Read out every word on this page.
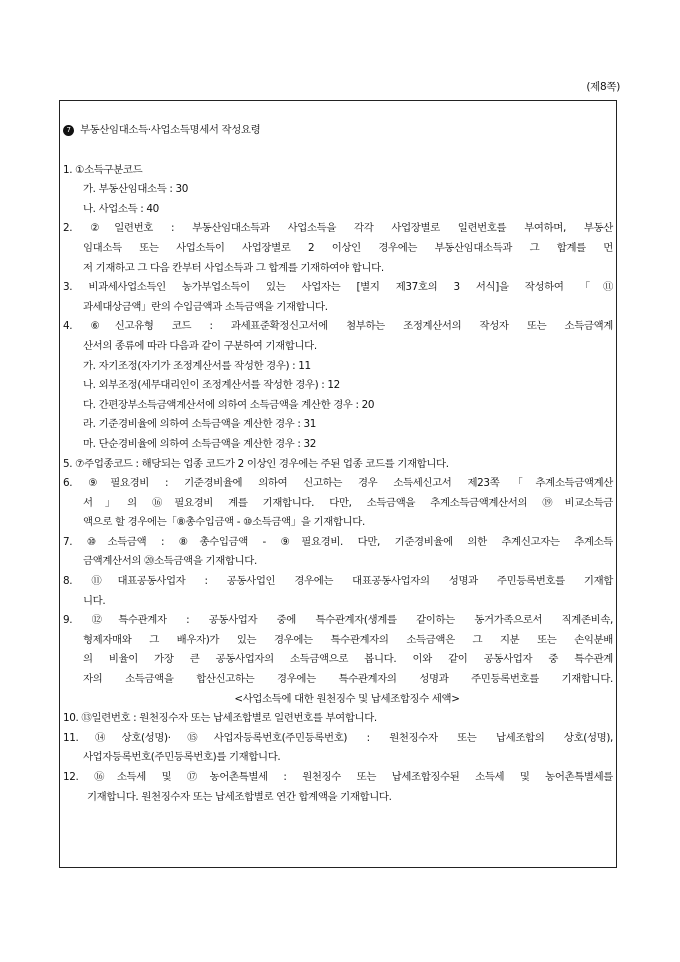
(제8쪽)
7 부동산임대소득·사업소득명세서 작성요령
1. ①소득구분코드
가. 부동산임대소득 : 30
나. 사업소득 : 40
2. ②일련번호 : 부동산임대소득과 사업소득을 각각 사업장별로 일련번호를 부여하며, 부동산
임대소득 또는 사업소득이 사업장별로 2 이상인 경우에는 부동산임대소득과 그 합계를 먼
저 기재하고 그 다음 칸부터 사업소득과 그 합계를 기재하여야 합니다.
3. 비과세사업소득인 농가부업소득이 있는 사업자는 [별지 제37호의 3 서식]을 작성하여 「⑪
과세대상금액」란의 수입금액과 소득금액을 기재합니다.
4. ⑥신고유형 코드 : 과세표준확정신고서에 첨부하는 조정계산서의 작성자 또는 소득금액계
산서의 종류에 따라 다음과 같이 구분하여 기재합니다.
가. 자기조정(자기가 조정계산서를 작성한 경우) : 11
나. 외부조정(세무대리인이 조정계산서를 작성한 경우) : 12
다. 간편장부소득금액계산서에 의하여 소득금액을 계산한 경우 : 20
라. 기준경비율에 의하여 소득금액을 계산한 경우 : 31
마. 단순경비율에 의하여 소득금액을 계산한 경우 : 32
5. ⑦주업종코드 : 해당되는 업종 코드가 2 이상인 경우에는 주된 업종 코드를 기재합니다.
6. ⑨필요경비 : 기준경비율에 의하여 신고하는 경우 소득세신고서 제23쪽「추계소득금액계산
서」의 ⑯필요경비 계를 기재합니다. 다만, 소득금액을 추계소득금액계산서의 ⑲비교소득금
액으로 할 경우에는「⑧총수입금액 - ⑩소득금액」을 기재합니다.
7. ⑩소득금액 : ⑧총수입금액 - ⑨필요경비. 다만, 기준경비율에 의한 추계신고자는 추계소득
금액계산서의 ⑳소득금액을 기재합니다.
8. ⑪대표공동사업자 : 공동사업인 경우에는 대표공동사업자의 성명과 주민등록번호를 기재합
니다.
9. ⑫특수관계자 : 공동사업자 중에 특수관계자(생계를 같이하는 동거가족으로서 직계존비속,
형제자매와 그 배우자)가 있는 경우에는 특수관계자의 소득금액은 그 지분 또는 손익분배
의 비율이 가장 큰 공동사업자의 소득금액으로 봅니다. 이와 같이 공동사업자 중 특수관계
자의 소득금액을 합산신고하는 경우에는 특수관계자의 성명과 주민등록번호를 기재합니다.
<사업소득에 대한 원천징수 및 납세조합징수 세액>
10. ⑬일련번호 : 원천징수자 또는 납세조합별로 일련번호를 부여합니다.
11.⑭상호(성명)·⑮사업자등록번호(주민등록번호) : 원천징수자 또는 납세조합의 상호(성명),
사업자등록번호(주민등록번호)를 기재합니다.
12. ⑯소득세 및 ⑰농어촌특별세 : 원천징수 또는 납세조합징수된 소득세 및 농어촌특별세를
기재합니다. 원천징수자 또는 납세조합별로 연간 합계액을 기재합니다.
